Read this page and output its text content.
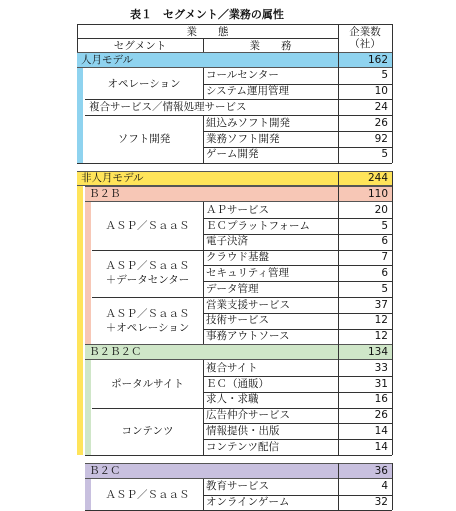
表１　セグメント／業務の属性
業　　態
セグメント	業　　務
企業数
（社）
人月モデル	162
オペレーション
コールセンター	5
システム運用管理	10
複合サービス／情報処理サービス	24
ソフト開発
組込みソフト開発	26
業務ソフト開発	92
ゲーム開発	5
非人月モデル	244
Ｂ２Ｂ	110
ＡＳＰ／ＳａａＳ
ＡＰサービス	20
ＥＣプラットフォーム	5
電子決済	6
ＡＳＰ／ＳａａＳ
＋データセンター
クラウド基盤	7
セキュリティ管理	6
データ管理	5
ＡＳＰ／ＳａａＳ
＋オペレーション
営業支援サービス	37
技術サービス	12
事務アウトソース	12
Ｂ２Ｂ２Ｃ	134
ポータルサイト
複合サイト	33
ＥＣ（通販）	31
求人・求職	16
コンテンツ
広告仲介サービス	26
情報提供・出版	14
コンテンツ配信	14
Ｂ２Ｃ	36
ＡＳＰ／ＳａａＳ
教育サービス	4
オンラインゲーム	32
